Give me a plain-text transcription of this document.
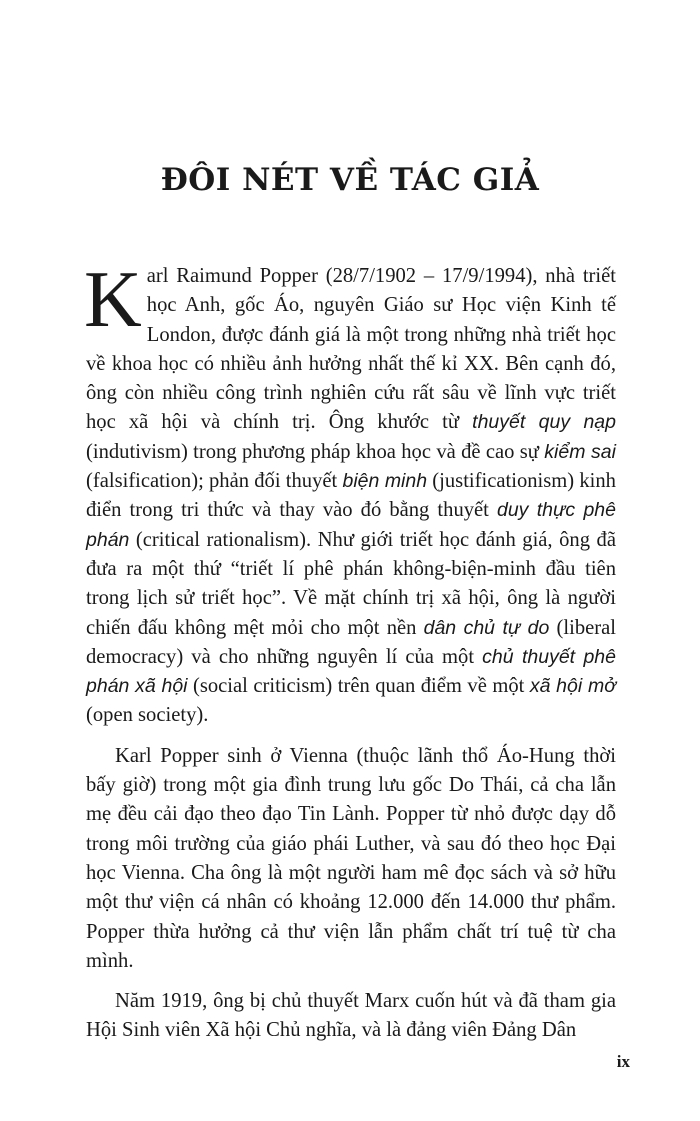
ĐÔI NÉT VỀ TÁC GIẢ

Karl Raimund Popper (28/7/1902 – 17/9/1994), nhà triết học Anh, gốc Áo, nguyên Giáo sư Học viện Kinh tế London, được đánh giá là một trong những nhà triết học về khoa học có nhiều ảnh hưởng nhất thế kỉ XX. Bên cạnh đó, ông còn nhiều công trình nghiên cứu rất sâu về lĩnh vực triết học xã hội và chính trị. Ông khước từ thuyết quy nạp (indutivism) trong phương pháp khoa học và đề cao sự kiểm sai (falsification); phản đối thuyết biện minh (justificationism) kinh điển trong tri thức và thay vào đó bằng thuyết duy thực phê phán (critical rationalism). Như giới triết học đánh giá, ông đã đưa ra một thứ “triết lí phê phán không-biện-minh đầu tiên trong lịch sử triết học”. Về mặt chính trị xã hội, ông là người chiến đấu không mệt mỏi cho một nền dân chủ tự do (liberal democracy) và cho những nguyên lí của một chủ thuyết phê phán xã hội (social criticism) trên quan điểm về một xã hội mở (open society).

Karl Popper sinh ở Vienna (thuộc lãnh thổ Áo-Hung thời bấy giờ) trong một gia đình trung lưu gốc Do Thái, cả cha lẫn mẹ đều cải đạo theo đạo Tin Lành. Popper từ nhỏ được dạy dỗ trong môi trường của giáo phái Luther, và sau đó theo học Đại học Vienna. Cha ông là một người ham mê đọc sách và sở hữu một thư viện cá nhân có khoảng 12.000 đến 14.000 thư phẩm. Popper thừa hưởng cả thư viện lẫn phẩm chất trí tuệ từ cha mình.

Năm 1919, ông bị chủ thuyết Marx cuốn hút và đã tham gia Hội Sinh viên Xã hội Chủ nghĩa, và là đảng viên Đảng Dân

ix
